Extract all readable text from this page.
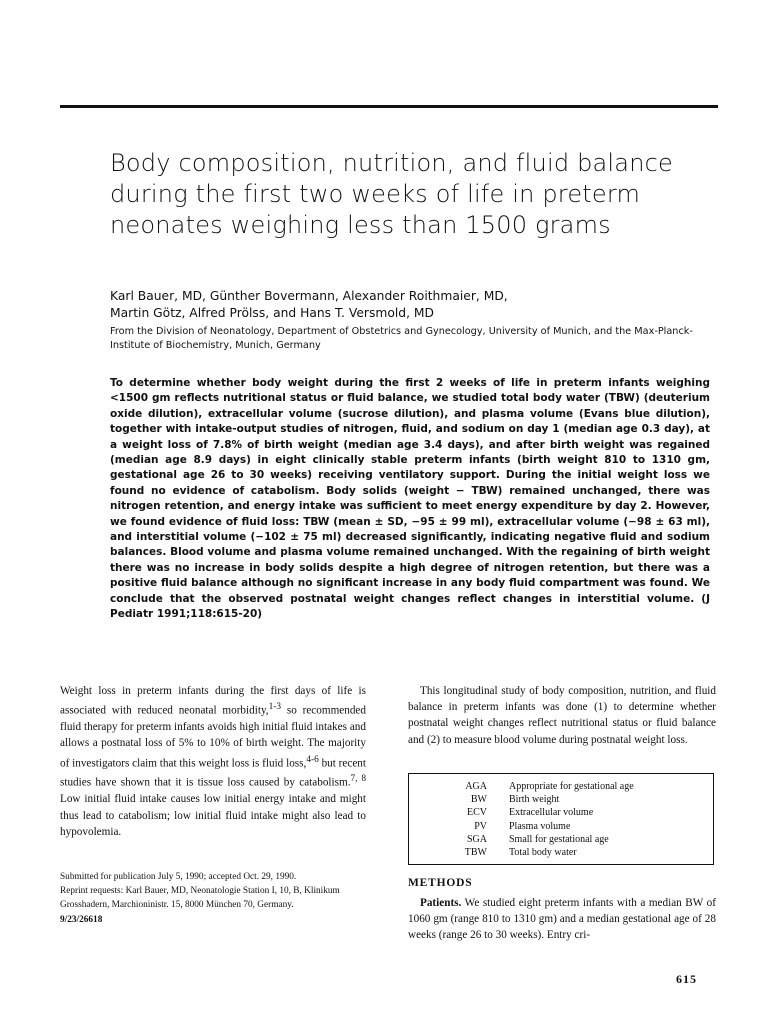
Body composition, nutrition, and fluid balance during the first two weeks of life in preterm neonates weighing less than 1500 grams
Karl Bauer, MD, Günther Bovermann, Alexander Roithmaier, MD,
Martin Götz, Alfred Prölss, and Hans T. Versmold, MD
From the Division of Neonatology, Department of Obstetrics and Gynecology, University of Munich, and the Max-Planck-Institute of Biochemistry, Munich, Germany

To determine whether body weight during the first 2 weeks of life in preterm infants weighing <1500 gm reflects nutritional status or fluid balance, we studied total body water (TBW) (deuterium oxide dilution), extracellular volume (sucrose dilution), and plasma volume (Evans blue dilution), together with intake-output studies of nitrogen, fluid, and sodium on day 1 (median age 0.3 day), at a weight loss of 7.8% of birth weight (median age 3.4 days), and after birth weight was regained (median age 8.9 days) in eight clinically stable preterm infants (birth weight 810 to 1310 gm, gestational age 26 to 30 weeks) receiving ventilatory support. During the initial weight loss we found no evidence of catabolism. Body solids (weight − TBW) remained unchanged, there was nitrogen retention, and energy intake was sufficient to meet energy expenditure by day 2. However, we found evidence of fluid loss: TBW (mean ± SD, −95 ± 99 ml), extracellular volume (−98 ± 63 ml), and interstitial volume (−102 ± 75 ml) decreased significantly, indicating negative fluid and sodium balances. Blood volume and plasma volume remained unchanged. With the regaining of birth weight there was no increase in body solids despite a high degree of nitrogen retention, but there was a positive fluid balance although no significant increase in any body fluid compartment was found. We conclude that the observed postnatal weight changes reflect changes in interstitial volume. (J Pediatr 1991;118:615-20)

Weight loss in preterm infants during the first days of life is associated with reduced neonatal morbidity,$^{1-3}$ so recommended fluid therapy for preterm infants avoids high initial fluid intakes and allows a postnatal loss of 5% to 10% of birth weight. The majority of investigators claim that this weight loss is fluid loss,$^{4-6}$ but recent studies have shown that it is tissue loss caused by catabolism.$^{7, 8}$ Low initial fluid intake causes low initial energy intake and might thus lead to catabolism; low initial fluid intake might also lead to hypovolemia.

Submitted for publication July 5, 1990; accepted Oct. 29, 1990.

Reprint requests: Karl Bauer, MD, Neonatologie Station I, 10, B, Klinikum Grosshadern, Marchioninistr. 15, 8000 München 70, Germany.

9/23/26618

This longitudinal study of body composition, nutrition, and fluid balance in preterm infants was done (1) to determine whether postnatal weight changes reflect nutritional status or fluid balance and (2) to measure blood volume during postnatal weight loss.

AGA	Appropriate for gestational age
BW	Birth weight
ECV	Extracellular volume
PV	Plasma volume
SGA	Small for gestational age
TBW	Total body water
METHODS

Patients. We studied eight preterm infants with a median BW of 1060 gm (range 810 to 1310 gm) and a median gestational age of 28 weeks (range 26 to 30 weeks). Entry cri-

615
